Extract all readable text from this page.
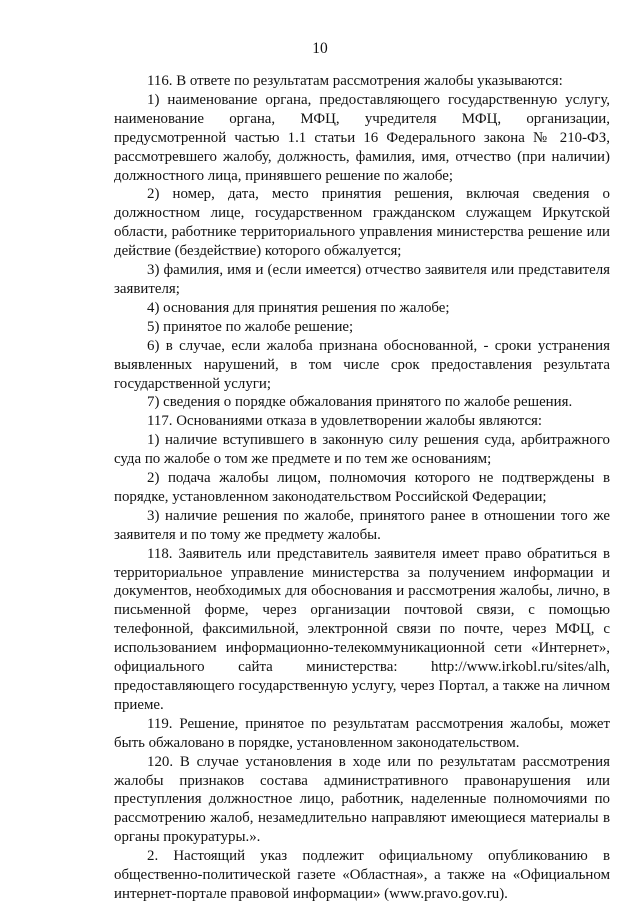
10

116. В ответе по результатам рассмотрения жалобы указываются:

1) наименование органа, предоставляющего государственную услугу, наименование органа, МФЦ, учредителя МФЦ, организации, предусмотренной частью 1.1 статьи 16 Федерального закона № 210-ФЗ, рассмотревшего жалобу, должность, фамилия, имя, отчество (при наличии) должностного лица, принявшего решение по жалобе;

2) номер, дата, место принятия решения, включая сведения о должностном лице, государственном гражданском служащем Иркутской области, работнике территориального управления министерства решение или действие (бездействие) которого обжалуется;

3) фамилия, имя и (если имеется) отчество заявителя или представителя заявителя;

4) основания для принятия решения по жалобе;

5) принятое по жалобе решение;

6) в случае, если жалоба признана обоснованной, - сроки устранения выявленных нарушений, в том числе срок предоставления результата государственной услуги;

7) сведения о порядке обжалования принятого по жалобе решения.

117. Основаниями отказа в удовлетворении жалобы являются:

1) наличие вступившего в законную силу решения суда, арбитражного суда по жалобе о том же предмете и по тем же основаниям;

2) подача жалобы лицом, полномочия которого не подтверждены в порядке, установленном законодательством Российской Федерации;

3) наличие решения по жалобе, принятого ранее в отношении того же заявителя и по тому же предмету жалобы.

118. Заявитель или представитель заявителя имеет право обратиться в территориальное управление министерства за получением информации и документов, необходимых для обоснования и рассмотрения жалобы, лично, в письменной форме, через организации почтовой связи, с помощью телефонной, факсимильной, электронной связи по почте, через МФЦ, с использованием информационно-телекоммуникационной сети «Интернет», официального сайта министерства: http://www.irkobl.ru/sites/alh, предоставляющего государственную услугу, через Портал, а также на личном приеме.

119. Решение, принятое по результатам рассмотрения жалобы, может быть обжаловано в порядке, установленном законодательством.

120. В случае установления в ходе или по результатам рассмотрения жалобы признаков состава административного правонарушения или преступления должностное лицо, работник, наделенные полномочиями по рассмотрению жалоб, незамедлительно направляют имеющиеся материалы в органы прокуратуры.».

2. Настоящий указ подлежит официальному опубликованию в общественно-политической газете «Областная», а также на «Официальном интернет-портале правовой информации» (www.pravo.gov.ru).
